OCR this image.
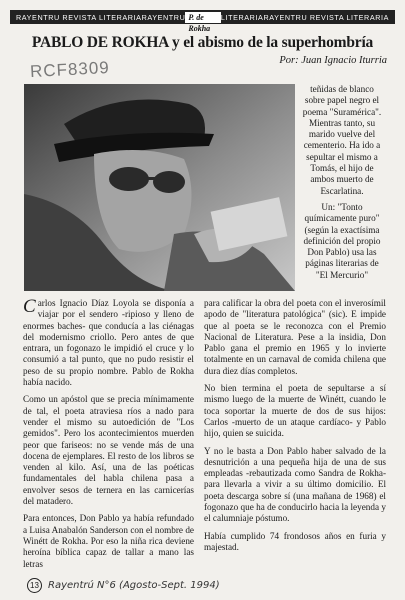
RAYENTRU REVISTA LITERARIA RAYENTRU P. de Rokha
LITERARIA RAYENTRU REVISTA LITERARIA
PABLO DE ROKHA y el abismo de la superhombría
Por: Juan Ignacio Iturria
RCF8309

teñidas de blanco sobre papel negro el poema "Suramérica". Mientras tanto, su marido vuelve del cementerio. Ha ido a sepultar el mismo a Tomás, el hijo de ambos muerto de Escarlatina.

Un: "Tonto químicamente puro" (según la exactísima definición del propio Don Pablo) usa las páginas literarias de "El Mercurio"

C arlos Ignacio Díaz Loyola se disponía a viajar por el sendero -ripioso y lleno de enormes baches- que conducía a las ciénagas del modernismo criollo. Pero antes de que entrara, un fogonazo le impidió el cruce y lo consumió a tal punto, que no pudo resistir el peso de su propio nombre. Pablo de Rokha había nacido.

Como un apóstol que se precia mínimamente de tal, el poeta atraviesa ríos a nado para vender el mismo su autoedición de "Los gemidos". Pero los acontecimientos muerden peor que fariseos: no se vende más de una docena de ejemplares. El resto de los libros se venden al kilo. Así, una de las poéticas fundamentales del habla chilena pasa a envolver sesos de ternera en las carnicerías del matadero.

Para entonces, Don Pablo ya había refundado a Luisa Anabalón Sanderson con el nombre de Winétt de Rokha. Por eso la niña rica deviene heroína bíblica capaz de tallar a mano las letras

para calificar la obra del poeta con el inverosímil apodo de "literatura patológica" (sic). E impide que al poeta se le reconozca con el Premio Nacional de Literatura. Pese a la insidia, Don Pablo gana el premio en 1965 y lo invierte totalmente en un carnaval de comida chilena que dura diez días completos.

No bien termina el poeta de sepultarse a sí mismo luego de la muerte de Winétt, cuando le toca soportar la muerte de dos de sus hijos: Carlos -muerto de un ataque cardíaco- y Pablo hijo, quien se suicida.

Y no le basta a Don Pablo haber salvado de la desnutrición a una pequeña hija de una de sus empleadas -rebautizada como Sandra de Rokha- para llevarla a vivir a su último domicilio. El poeta descarga sobre sí (una mañana de 1968) el fogonazo que ha de conducirlo hacia la leyenda y el calumniaje póstumo.

Había cumplido 74 frondosos años en furia y majestad.

13 Rayentrú N°6 (Agosto-Sept. 1994)
